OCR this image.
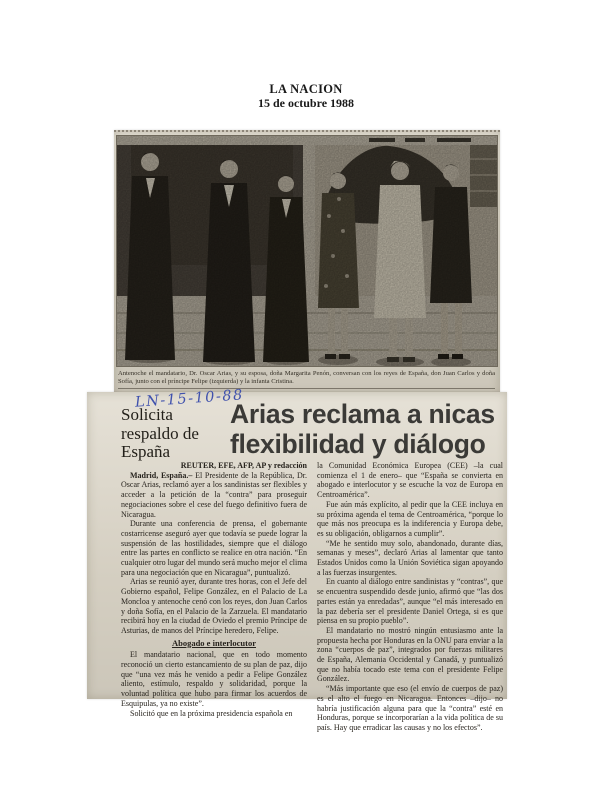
LA NACION
15 de octubre 1988
Antenoche el mandatario, Dr. Oscar Arias, y su esposa, doña Margarita Penón, conversan con los reyes de España, don Juan Carlos y doña Sofía, junto con el príncipe Felipe (izquierda) y la infanta Cristina.
LN-15-10-88
Solicita respaldo de España
Arias reclama a nicas flexibilidad y diálogo

REUTER, EFE, AFP, AP y redacción

Madrid, España.– El Presidente de la República, Dr. Oscar Arias, reclamó ayer a los sandinistas ser flexibles y acceder a la petición de la “contra” para proseguir negociaciones sobre el cese del fuego definitivo fuera de Nicaragua.

Durante una conferencia de prensa, el gobernante costarricense aseguró ayer que todavía se puede lograr la suspensión de las hostilidades, siempre que el diálogo entre las partes en conflicto se realice en otra nación. “En cualquier otro lugar del mundo será mucho mejor el clima para una negociación que en Nicaragua”, puntualizó.

Arias se reunió ayer, durante tres horas, con el Jefe del Gobierno español, Felipe González, en el Palacio de La Moncloa y antenoche cenó con los reyes, don Juan Carlos y doña Sofía, en el Palacio de la Zarzuela. El mandatario recibirá hoy en la ciudad de Oviedo el premio Príncipe de Asturias, de manos del Príncipe heredero, Felipe.

Abogado e interlocutor

El mandatario nacional, que en todo momento reconoció un cierto estancamiento de su plan de paz, dijo que “una vez más he venido a pedir a Felipe González aliento, estímulo, respaldo y solidaridad, porque la voluntad política que hubo para firmar los acuerdos de Esquipulas, ya no existe”.

Solicitó que en la próxima presidencia española en

la Comunidad Económica Europea (CEE) –la cual comienza el 1 de enero– que “España se convierta en abogado e interlocutor y se escuche la voz de Europa en Centroamérica”.

Fue aún más explícito, al pedir que la CEE incluya en su próxima agenda el tema de Centroamérica, “porque lo que más nos preocupa es la indiferencia y Europa debe, es su obligación, obligarnos a cumplir”.

“Me he sentido muy solo, abandonado, durante días, semanas y meses”, declaró Arias al lamentar que tanto Estados Unidos como la Unión Soviética sigan apoyando a las fuerzas insurgentes.

En cuanto al diálogo entre sandinistas y “contras”, que se encuentra suspendido desde junio, afirmó que “las dos partes están ya enredadas”, aunque “el más interesado en la paz debería ser el presidente Daniel Ortega, si es que piensa en su propio pueblo”.

El mandatario no mostró ningún entusiasmo ante la propuesta hecha por Honduras en la ONU para enviar a la zona “cuerpos de paz”, integrados por fuerzas militares de España, Alemania Occidental y Canadá, y puntualizó que no había tocado este tema con el presidente Felipe González.

“Más importante que eso (el envío de cuerpos de paz) es el alto el fuego en Nicaragua. Entonces –dijo– no habría justificación alguna para que la “contra” esté en Honduras, porque se incorporarían a la vida política de su país. Hay que erradicar las causas y no los efectos”.
